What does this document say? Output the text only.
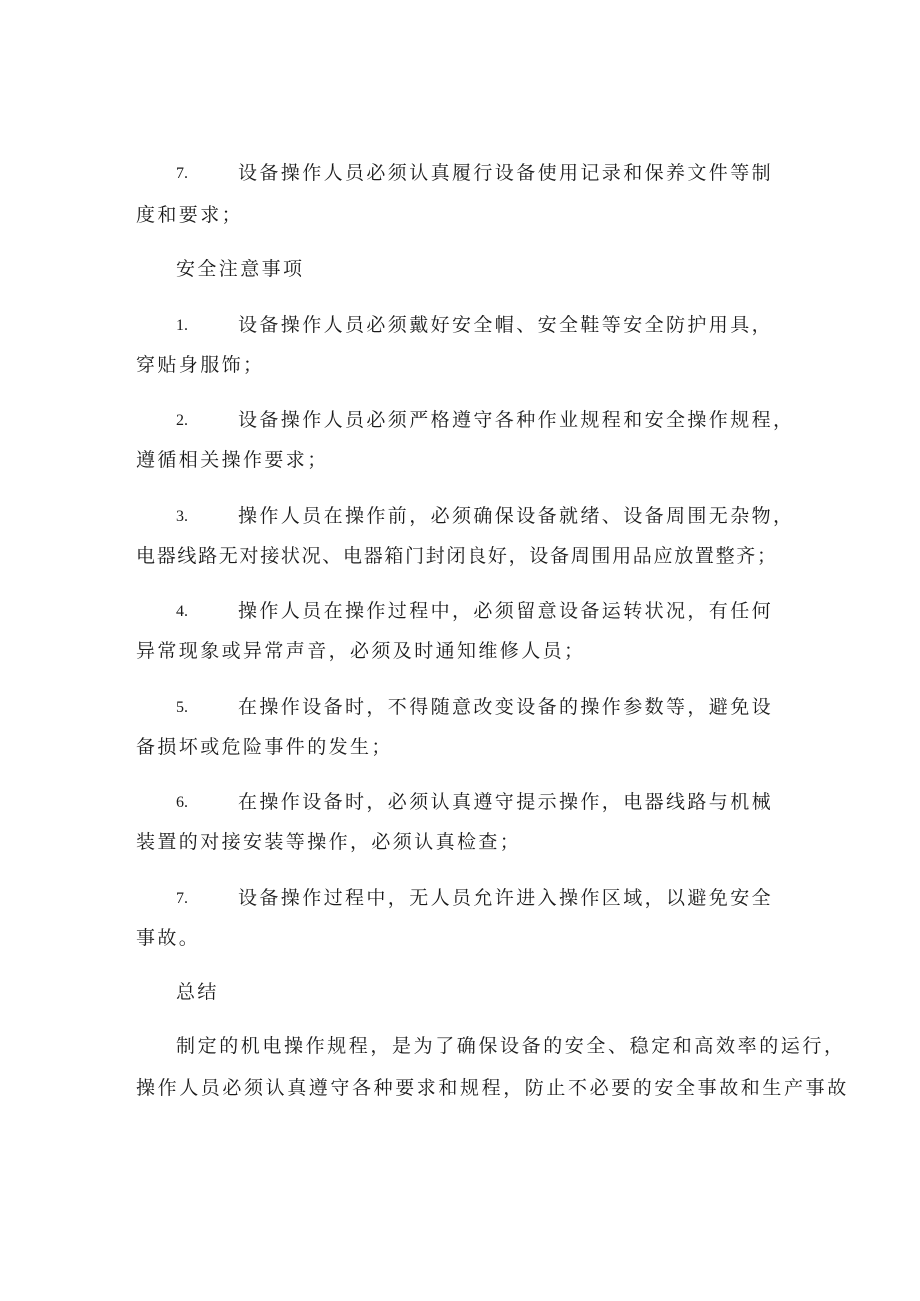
7.	设备操作人员必须认真履行设备使用记录和保养文件等制
度和要求；
安全注意事项
1.	设备操作人员必须戴好安全帽、安全鞋等安全防护用具，
穿贴身服饰；
2.	设备操作人员必须严格遵守各种作业规程和安全操作规程，
遵循相关操作要求；
3.	操作人员在操作前，必须确保设备就绪、设备周围无杂物，
电器线路无对接状况、电器箱门封闭良好，设备周围用品应放置整齐；
4.	操作人员在操作过程中，必须留意设备运转状况，有任何
异常现象或异常声音，必须及时通知维修人员；
5.	在操作设备时，不得随意改变设备的操作参数等，避免设
备损坏或危险事件的发生；
6.	在操作设备时，必须认真遵守提示操作，电器线路与机械
装置的对接安装等操作，必须认真检查；
7.	设备操作过程中，无人员允许进入操作区域，以避免安全
事故。
总结
制定的机电操作规程，是为了确保设备的安全、稳定和高效率的运行，
操作人员必须认真遵守各种要求和规程，防止不必要的安全事故和生产事故
